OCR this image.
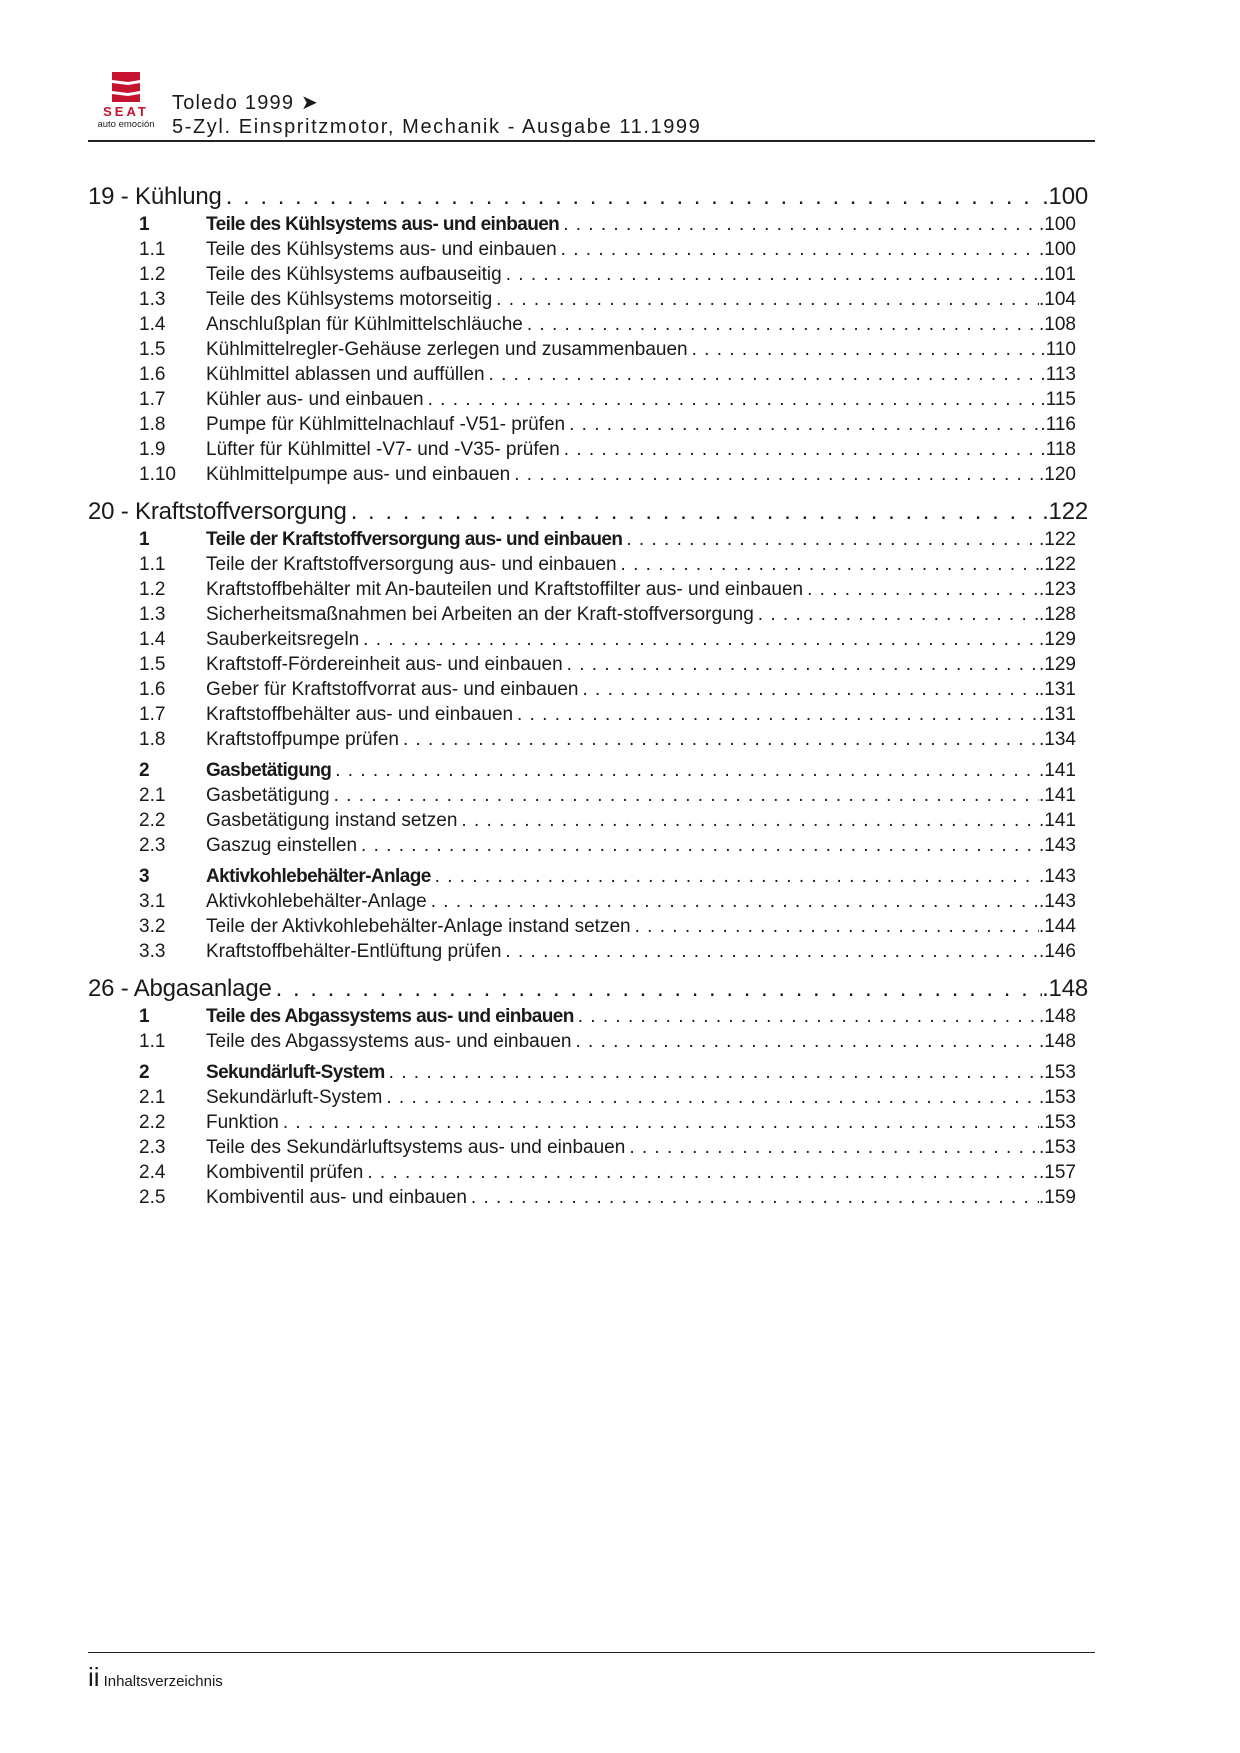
SEAT
auto emoción
Toledo 1999 ➤
5-Zyl. Einspritzmotor, Mechanik - Ausgabe 11.1999
19 - Kühlung . . .	.100
1	Teile des Kühlsystems aus- und einbauen . . .	.100
1.1	Teile des Kühlsystems aus- und einbauen . . .	.100
1.2	Teile des Kühlsystems aufbauseitig . . .	.101
1.3	Teile des Kühlsystems motorseitig . . .	.104
1.4	Anschlußplan für Kühlmittelschläuche . . .	.108
1.5	Kühlmittelregler-Gehäuse zerlegen und zusammenbauen . . .	.110
1.6	Kühlmittel ablassen und auffüllen . . .	.113
1.7	Kühler aus- und einbauen . . .	.115
1.8	Pumpe für Kühlmittelnachlauf -V51- prüfen . . .	.116
1.9	Lüfter für Kühlmittel -V7- und -V35- prüfen . . .	.118
1.10	Kühlmittelpumpe aus- und einbauen . . .	.120
20 - Kraftstoffversorgung . . .	.122
1	Teile der Kraftstoffversorgung aus- und einbauen . . .	.122
1.1	Teile der Kraftstoffversorgung aus- und einbauen . . .	.122
1.2	Kraftstoffbehälter mit An-bauteilen und Kraftstoffilter aus- und einbauen . . .	.123
1.3	Sicherheitsmaßnahmen bei Arbeiten an der Kraft-stoffversorgung . . .	.128
1.4	Sauberkeitsregeln . . .	.129
1.5	Kraftstoff-Fördereinheit aus- und einbauen . . .	.129
1.6	Geber für Kraftstoffvorrat aus- und einbauen . . .	.131
1.7	Kraftstoffbehälter aus- und einbauen . . .	.131
1.8	Kraftstoffpumpe prüfen . . .	.134
2	Gasbetätigung . . .	.141
2.1	Gasbetätigung . . .	.141
2.2	Gasbetätigung instand setzen . . .	.141
2.3	Gaszug einstellen . . .	.143
3	Aktivkohlebehälter-Anlage . . .	.143
3.1	Aktivkohlebehälter-Anlage . . .	.143
3.2	Teile der Aktivkohlebehälter-Anlage instand setzen . . .	.144
3.3	Kraftstoffbehälter-Entlüftung prüfen . . .	.146
26 - Abgasanlage . . .	.148
1	Teile des Abgassystems aus- und einbauen . . .	.148
1.1	Teile des Abgassystems aus- und einbauen . . .	.148
2	Sekundärluft-System . . .	.153
2.1	Sekundärluft-System . . .	.153
2.2	Funktion . . .	.153
2.3	Teile des Sekundärluftsystems aus- und einbauen . . .	.153
2.4	Kombiventil prüfen . . .	.157
2.5	Kombiventil aus- und einbauen . . .	.159
ii Inhaltsverzeichnis
